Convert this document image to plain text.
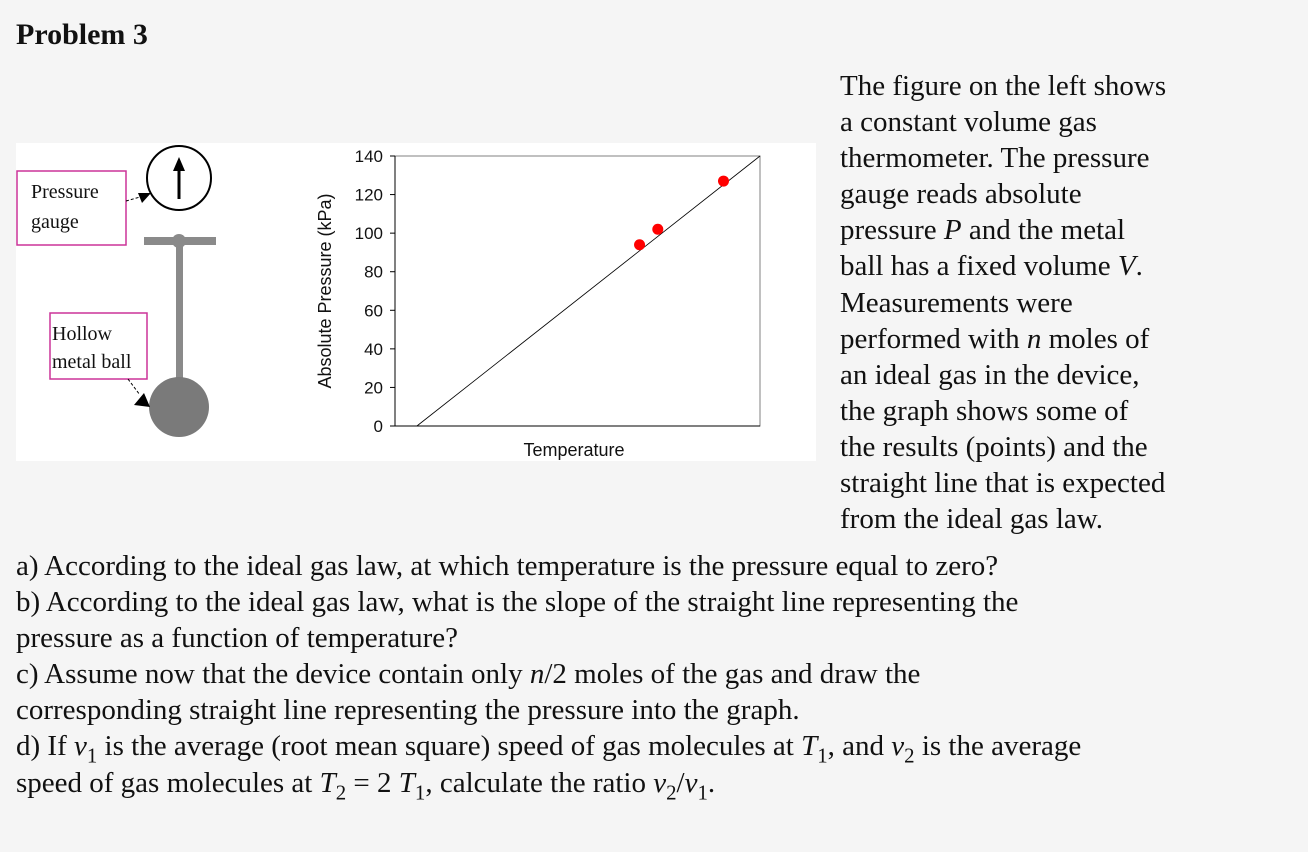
Problem 3
Pressure
gauge
Hollow
metal ball
0
20
40
60
80
100
120
140
Temperature
Absolute Pressure (kPa)
The figure on the left shows
a constant volume gas
thermometer. The pressure
gauge reads absolute
pressure P and the metal
ball has a fixed volume V.
Measurements were
performed with n moles of
an ideal gas in the device,
the graph shows some of
the results (points) and the
straight line that is expected
from the ideal gas law.
a) According to the ideal gas law, at which temperature is the pressure equal to zero?
b) According to the ideal gas law, what is the slope of the straight line representing the
pressure as a function of temperature?
c) Assume now that the device contain only n/2 moles of the gas and draw the
corresponding straight line representing the pressure into the graph.
d) If $v_1$ is the average (root mean square) speed of gas molecules at $T_1$, and $v_2$ is the average
speed of gas molecules at $T_2 = 2$ $T_1$, calculate the ratio $v_2/v_1$.
